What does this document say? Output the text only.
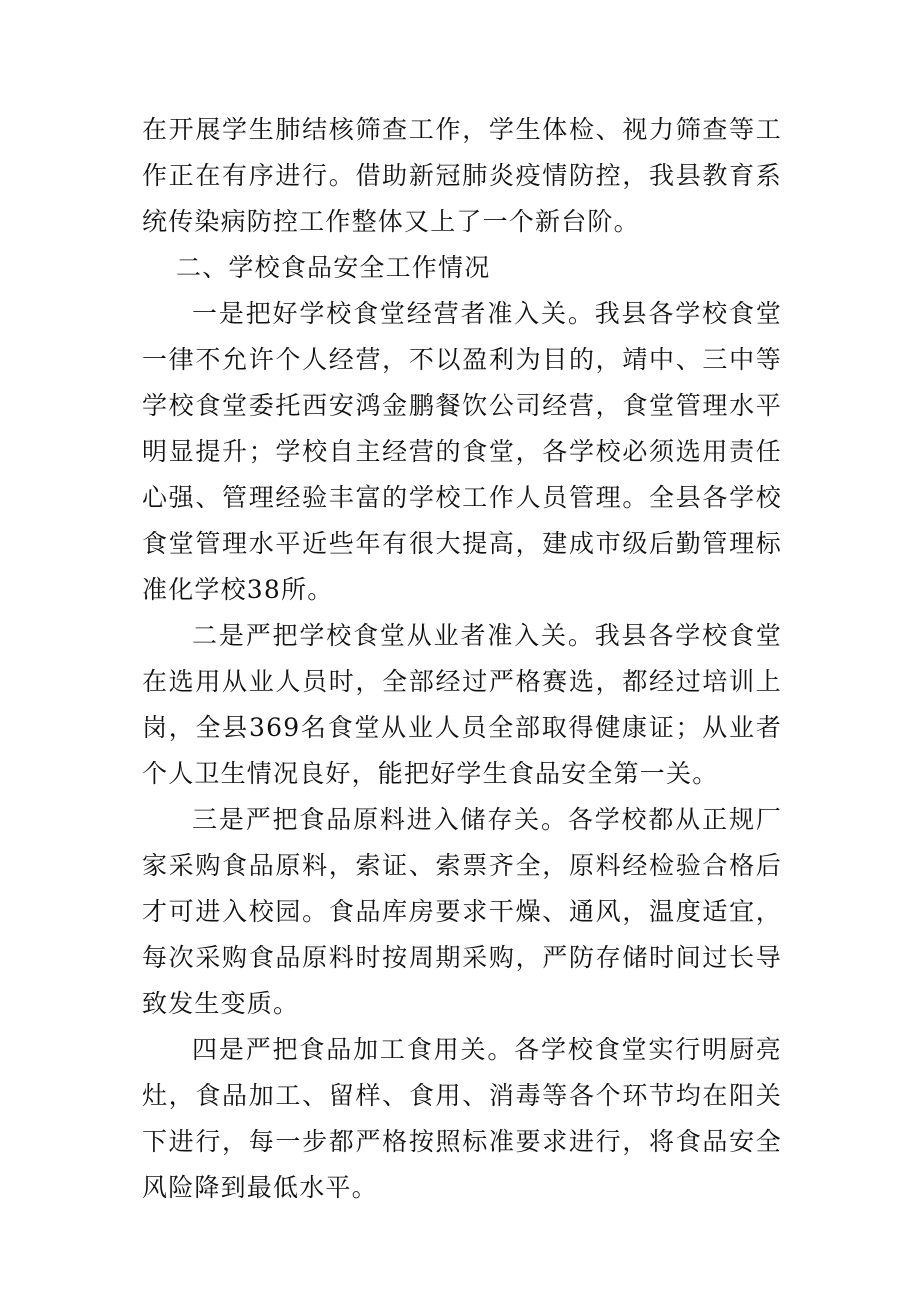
在开展学生肺结核筛查工作，学生体检、视力筛查等工作正在有序进行。借助新冠肺炎疫情防控，我县教育系统传染病防控工作整体又上了一个新台阶。

二、学校食品安全工作情况

一是把好学校食堂经营者准入关。我县各学校食堂一律不允许个人经营，不以盈利为目的，靖中、三中等学校食堂委托西安鸿金鹏餐饮公司经营，食堂管理水平明显提升；学校自主经营的食堂，各学校必须选用责任心强、管理经验丰富的学校工作人员管理。全县各学校食堂管理水平近些年有很大提高，建成市级后勤管理标准化学校38所。

二是严把学校食堂从业者准入关。我县各学校食堂在选用从业人员时，全部经过严格赛选，都经过培训上岗，全县369名食堂从业人员全部取得健康证；从业者个人卫生情况良好，能把好学生食品安全第一关。

三是严把食品原料进入储存关。各学校都从正规厂家采购食品原料，索证、索票齐全，原料经检验合格后才可进入校园。食品库房要求干燥、通风，温度适宜，每次采购食品原料时按周期采购，严防存储时间过长导致发生变质。

四是严把食品加工食用关。各学校食堂实行明厨亮灶，食品加工、留样、食用、消毒等各个环节均在阳关下进行，每一步都严格按照标准要求进行，将食品安全风险降到最低水平。
